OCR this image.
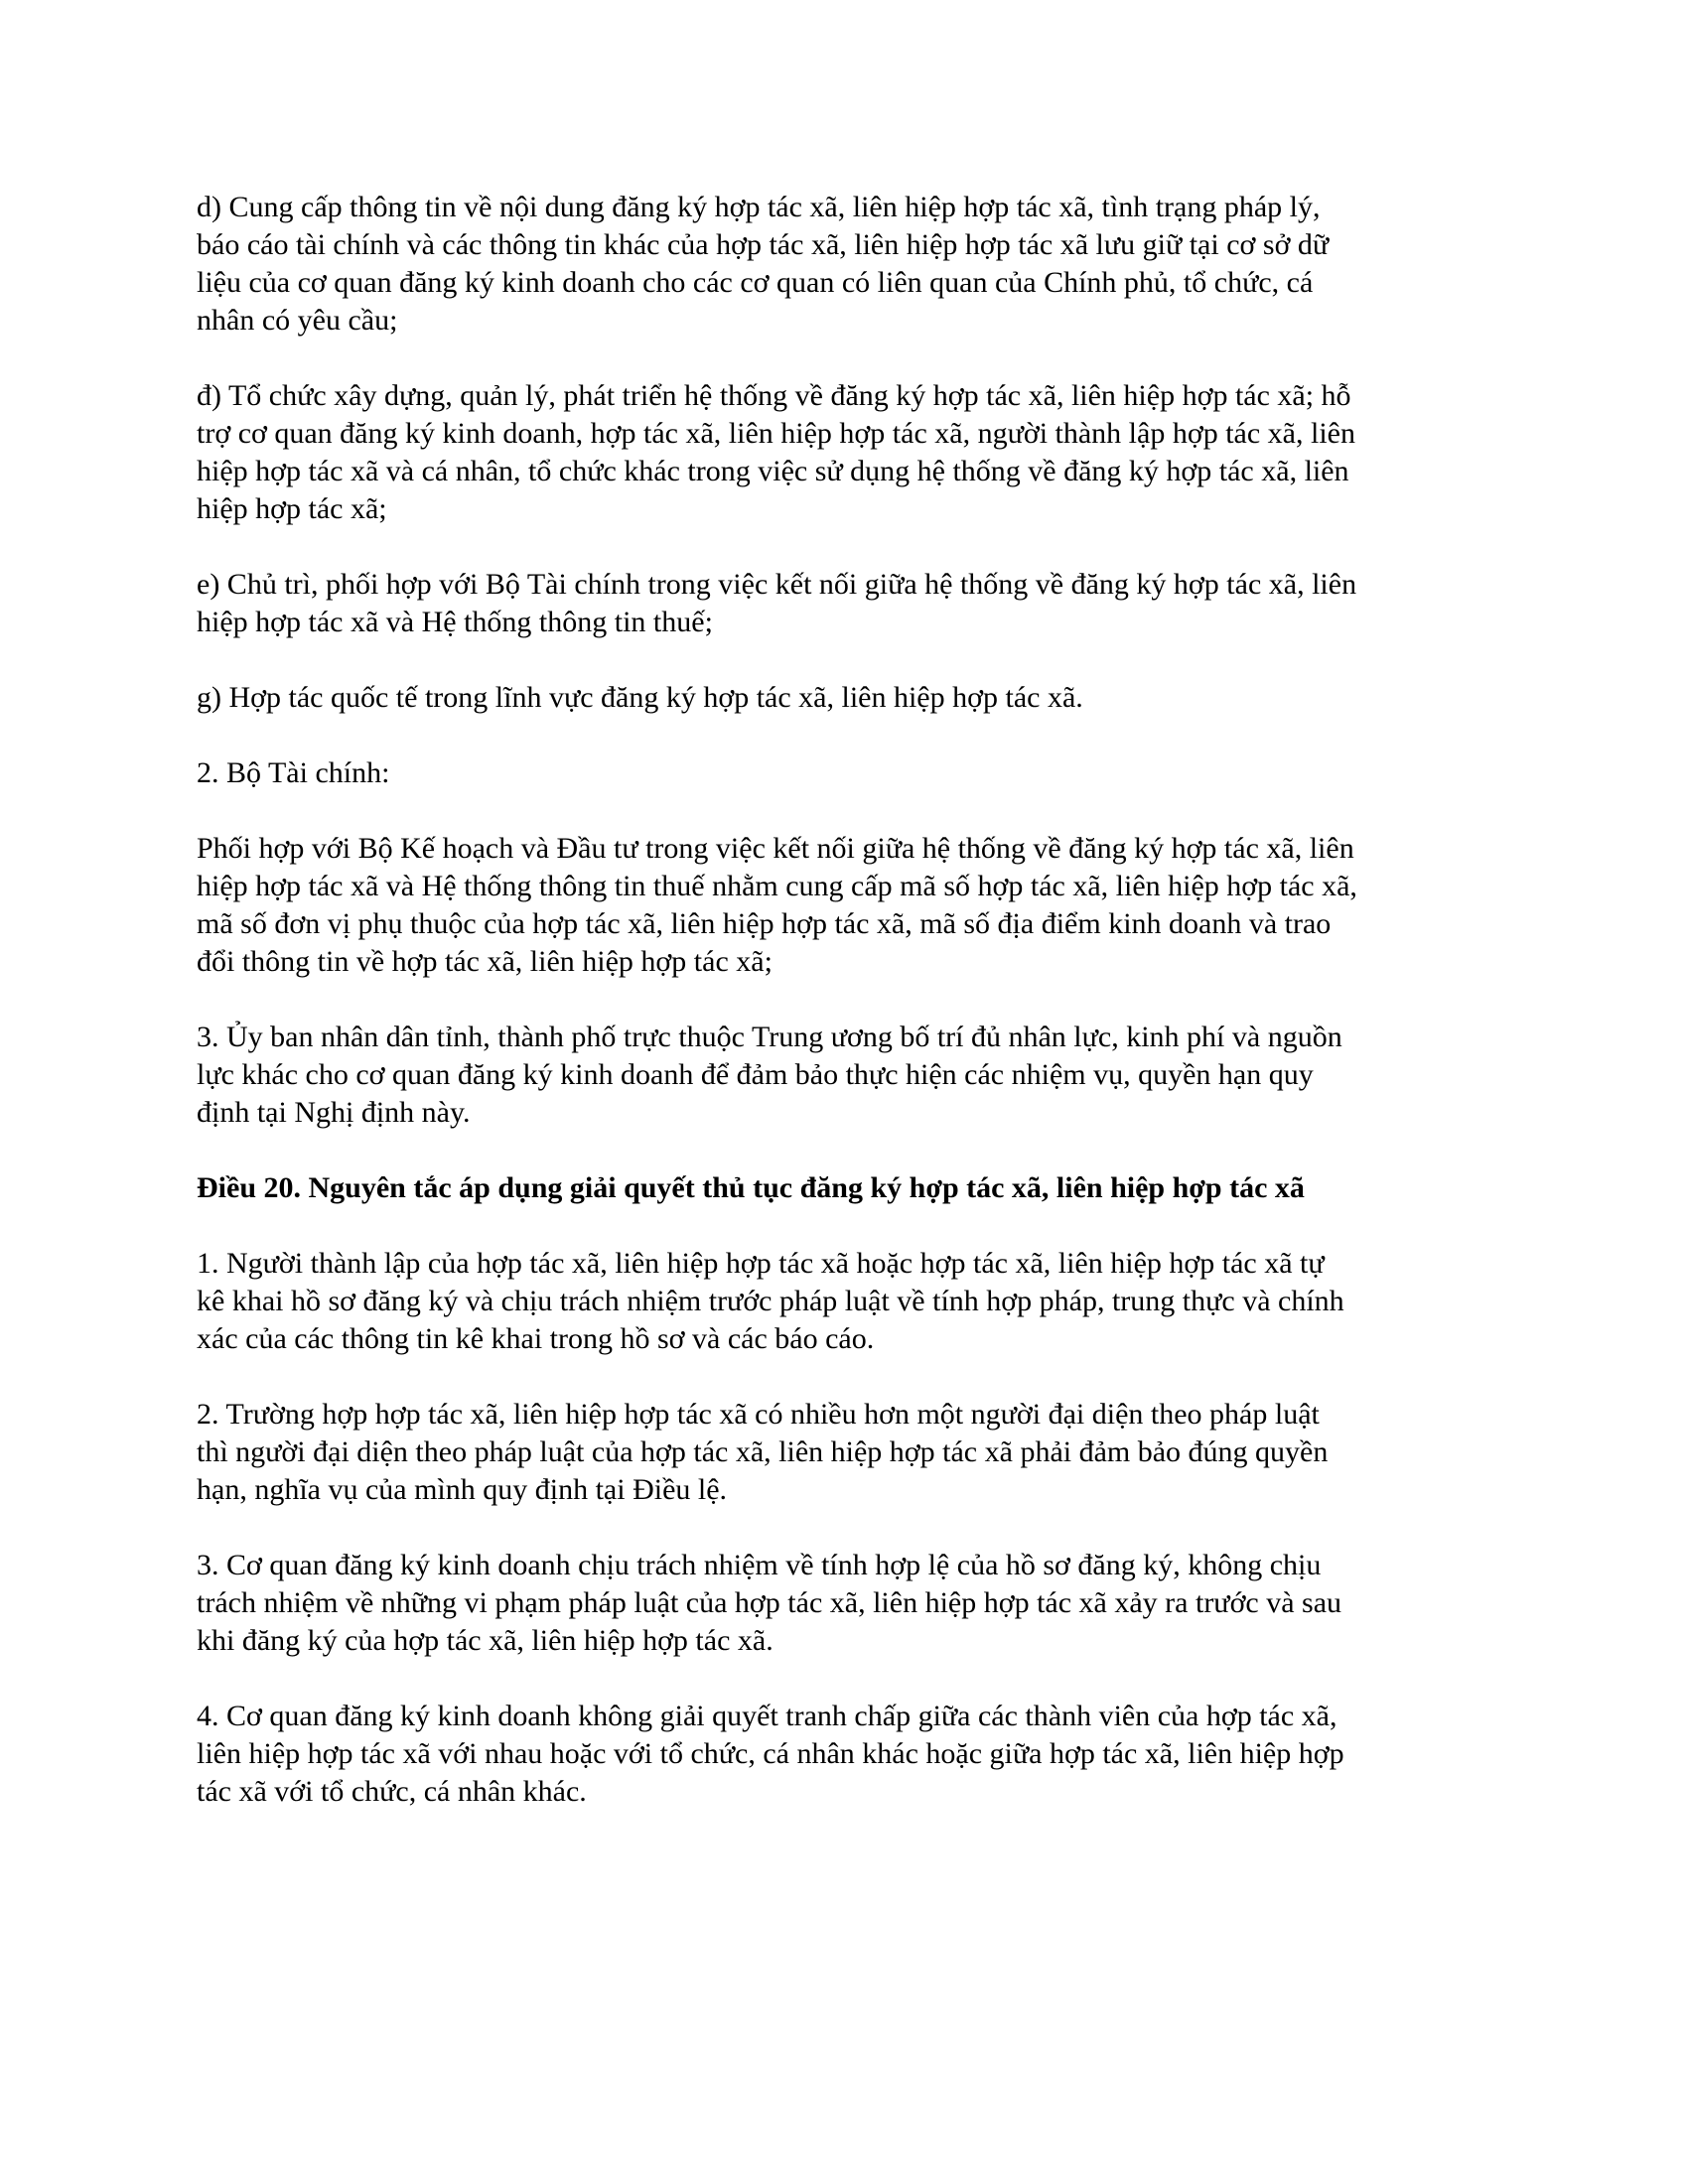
d) Cung cấp thông tin về nội dung đăng ký hợp tác xã, liên hiệp hợp tác xã, tình trạng pháp lý,
báo cáo tài chính và các thông tin khác của hợp tác xã, liên hiệp hợp tác xã lưu giữ tại cơ sở dữ
liệu của cơ quan đăng ký kinh doanh cho các cơ quan có liên quan của Chính phủ, tổ chức, cá
nhân có yêu cầu;
đ) Tổ chức xây dựng, quản lý, phát triển hệ thống về đăng ký hợp tác xã, liên hiệp hợp tác xã; hỗ
trợ cơ quan đăng ký kinh doanh, hợp tác xã, liên hiệp hợp tác xã, người thành lập hợp tác xã, liên
hiệp hợp tác xã và cá nhân, tổ chức khác trong việc sử dụng hệ thống về đăng ký hợp tác xã, liên
hiệp hợp tác xã;
e) Chủ trì, phối hợp với Bộ Tài chính trong việc kết nối giữa hệ thống về đăng ký hợp tác xã, liên
hiệp hợp tác xã và Hệ thống thông tin thuế;
g) Hợp tác quốc tế trong lĩnh vực đăng ký hợp tác xã, liên hiệp hợp tác xã.
2. Bộ Tài chính:
Phối hợp với Bộ Kế hoạch và Đầu tư trong việc kết nối giữa hệ thống về đăng ký hợp tác xã, liên
hiệp hợp tác xã và Hệ thống thông tin thuế nhằm cung cấp mã số hợp tác xã, liên hiệp hợp tác xã,
mã số đơn vị phụ thuộc của hợp tác xã, liên hiệp hợp tác xã, mã số địa điểm kinh doanh và trao
đổi thông tin về hợp tác xã, liên hiệp hợp tác xã;
3. Ủy ban nhân dân tỉnh, thành phố trực thuộc Trung ương bố trí đủ nhân lực, kinh phí và nguồn
lực khác cho cơ quan đăng ký kinh doanh để đảm bảo thực hiện các nhiệm vụ, quyền hạn quy
định tại Nghị định này.
Điều 20. Nguyên tắc áp dụng giải quyết thủ tục đăng ký hợp tác xã, liên hiệp hợp tác xã
1. Người thành lập của hợp tác xã, liên hiệp hợp tác xã hoặc hợp tác xã, liên hiệp hợp tác xã tự
kê khai hồ sơ đăng ký và chịu trách nhiệm trước pháp luật về tính hợp pháp, trung thực và chính
xác của các thông tin kê khai trong hồ sơ và các báo cáo.
2. Trường hợp hợp tác xã, liên hiệp hợp tác xã có nhiều hơn một người đại diện theo pháp luật
thì người đại diện theo pháp luật của hợp tác xã, liên hiệp hợp tác xã phải đảm bảo đúng quyền
hạn, nghĩa vụ của mình quy định tại Điều lệ.
3. Cơ quan đăng ký kinh doanh chịu trách nhiệm về tính hợp lệ của hồ sơ đăng ký, không chịu
trách nhiệm về những vi phạm pháp luật của hợp tác xã, liên hiệp hợp tác xã xảy ra trước và sau
khi đăng ký của hợp tác xã, liên hiệp hợp tác xã.
4. Cơ quan đăng ký kinh doanh không giải quyết tranh chấp giữa các thành viên của hợp tác xã,
liên hiệp hợp tác xã với nhau hoặc với tổ chức, cá nhân khác hoặc giữa hợp tác xã, liên hiệp hợp
tác xã với tổ chức, cá nhân khác.
